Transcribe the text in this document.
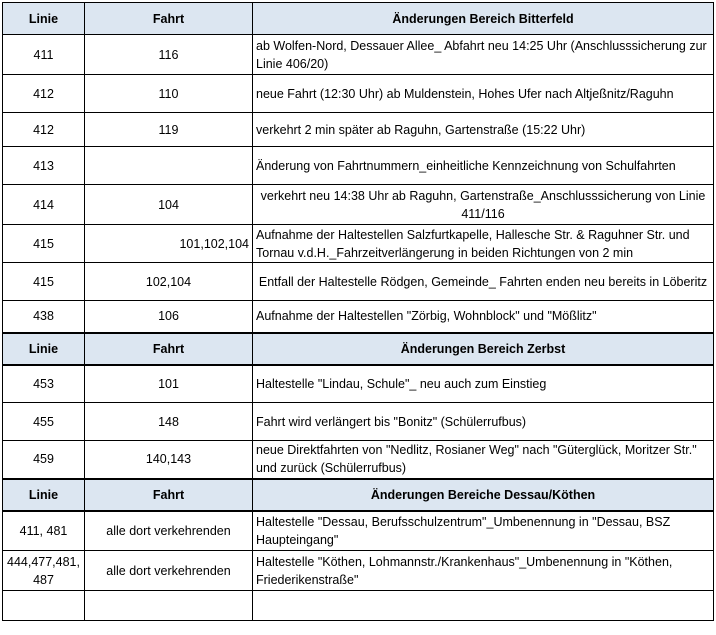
Linie	Fahrt	Änderungen Bereich Bitterfeld
411	116	ab Wolfen-Nord, Dessauer Allee_ Abfahrt neu 14:25 Uhr (Anschlusssicherung zur Linie 406/20)
412	110	neue Fahrt (12:30 Uhr) ab Muldenstein, Hohes Ufer nach Altjeßnitz/Raguhn
412	119	verkehrt 2 min später ab Raguhn, Gartenstraße (15:22 Uhr)
413		Änderung von Fahrtnummern_einheitliche Kennzeichnung von Schulfahrten
414	104	verkehrt neu 14:38 Uhr ab Raguhn, Gartenstraße_Anschlusssicherung von Linie 411/116
415	101,102,104	Aufnahme der Haltestellen Salzfurtkapelle, Hallesche Str. & Raguhner Str. und Tornau v.d.H._Fahrzeitverlängerung in beiden Richtungen von 2 min
415	102,104	Entfall der Haltestelle Rödgen, Gemeinde_ Fahrten enden neu bereits in Löberitz
438	106	Aufnahme der Haltestellen "Zörbig, Wohnblock" und "Mößlitz"
Linie	Fahrt	Änderungen Bereich Zerbst
453	101	Haltestelle "Lindau, Schule"_ neu auch zum Einstieg
455	148	Fahrt wird verlängert bis "Bonitz" (Schülerrufbus)
459	140,143	neue Direktfahrten von "Nedlitz, Rosianer Weg" nach "Güterglück, Moritzer Str." und zurück (Schülerrufbus)
Linie	Fahrt	Änderungen Bereiche Dessau/Köthen
411, 481	alle dort verkehrenden	Haltestelle "Dessau, Berufsschulzentrum"_Umbenennung in "Dessau, BSZ Haupteingang"
444,477,481, 487	alle dort verkehrenden	Haltestelle "Köthen, Lohmannstr./Krankenhaus"_Umbenennung in "Köthen, Friederikenstraße"
